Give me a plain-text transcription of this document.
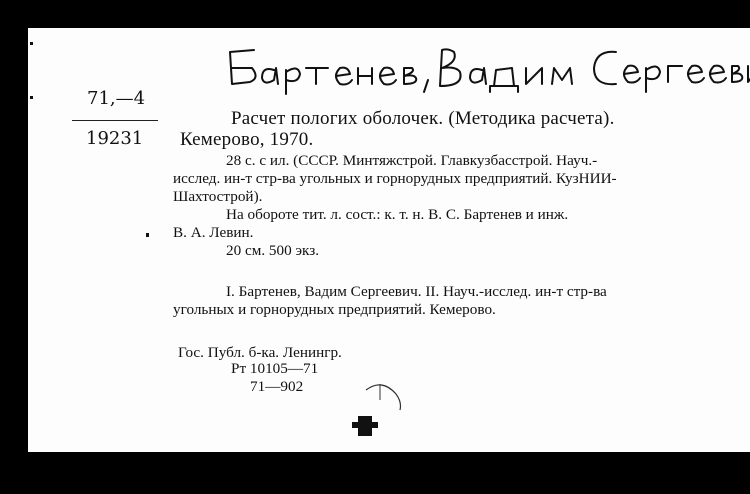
71,—4
19231
Расчет пологих оболочек. (Методика расчета).
Кемерово, 1970.
28 с. с ил. (СССР. Минтяжстрой. Главкузбасстрой. Науч.-
исслед. ин-т стр-ва угольных и горнорудных предприятий. КузНИИ-
Шахтострой).
На обороте тит. л. сост.: к. т. н. В. С. Бартенев и инж.
В. А. Левин.
20 см. 500 экз.
I. Бартенев, Вадим Сергеевич. II. Науч.-исслед. ин-т стр-ва
угольных и горнорудных предприятий. Кемерово.
Гос. Публ. б-ка. Ленингр.
Рт 10105—71
71—902
